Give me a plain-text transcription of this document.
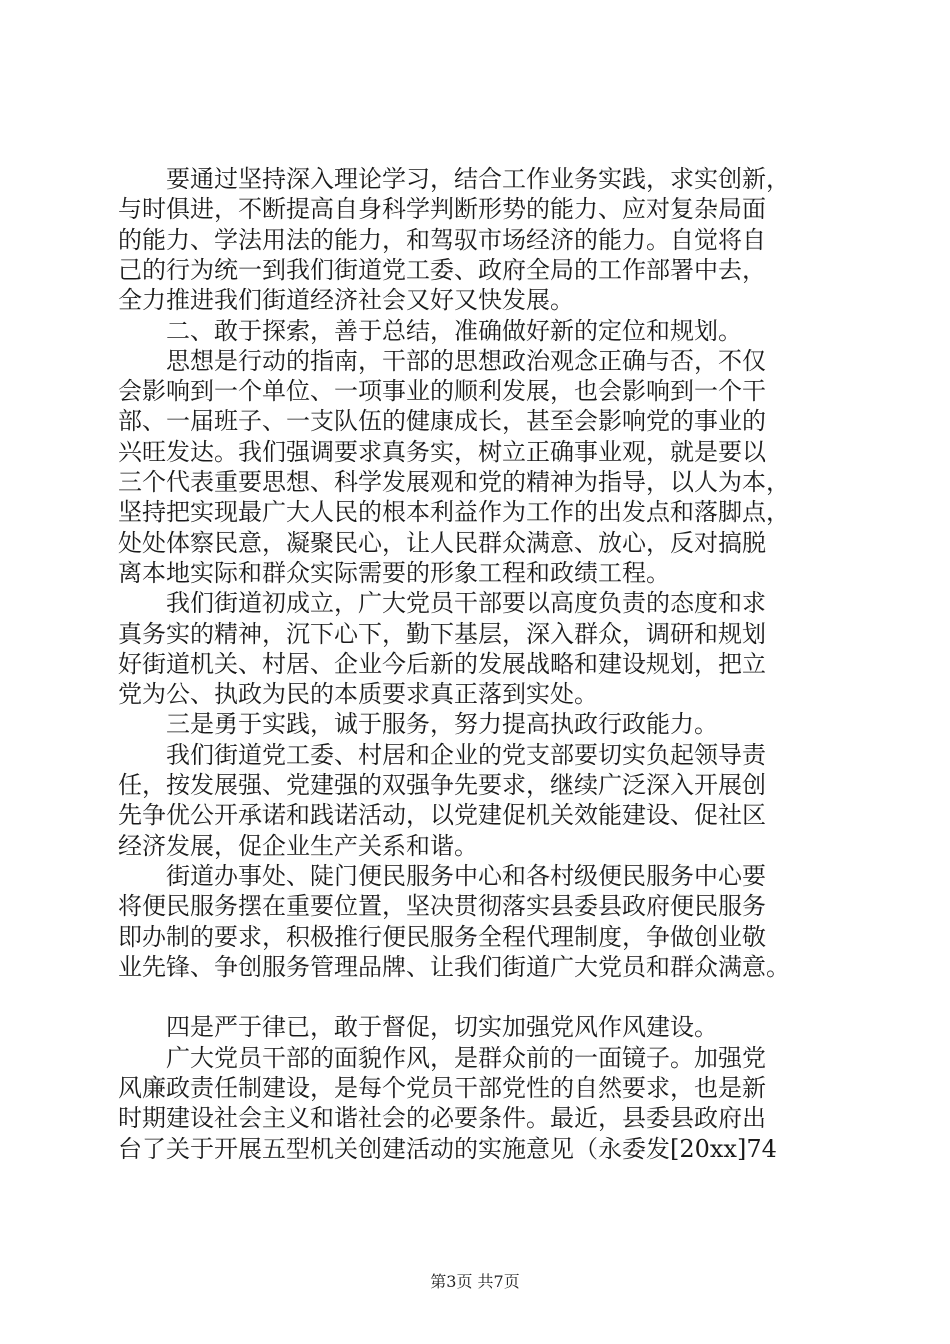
　　要通过坚持深入理论学习，结合工作业务实践，求实创新，
与时俱进，不断提高自身科学判断形势的能力、应对复杂局面
的能力、学法用法的能力，和驾驭市场经济的能力。自觉将自
己的行为统一到我们街道党工委、政府全局的工作部署中去，
全力推进我们街道经济社会又好又快发展。
　　二、敢于探索，善于总结，准确做好新的定位和规划。
　　思想是行动的指南，干部的思想政治观念正确与否，不仅
会影响到一个单位、一项事业的顺利发展，也会影响到一个干
部、一届班子、一支队伍的健康成长，甚至会影响党的事业的
兴旺发达。我们强调要求真务实，树立正确事业观，就是要以
三个代表重要思想、科学发展观和党的精神为指导，以人为本，
坚持把实现最广大人民的根本利益作为工作的出发点和落脚点，
处处体察民意，凝聚民心，让人民群众满意、放心，反对搞脱
离本地实际和群众实际需要的形象工程和政绩工程。
　　我们街道初成立，广大党员干部要以高度负责的态度和求
真务实的精神，沉下心下，勤下基层，深入群众，调研和规划
好街道机关、村居、企业今后新的发展战略和建设规划，把立
党为公、执政为民的本质要求真正落到实处。
　　三是勇于实践，诚于服务，努力提高执政行政能力。
　　我们街道党工委、村居和企业的党支部要切实负起领导责
任，按发展强、党建强的双强争先要求，继续广泛深入开展创
先争优公开承诺和践诺活动，以党建促机关效能建设、促社区
经济发展，促企业生产关系和谐。
　　街道办事处、陡门便民服务中心和各村级便民服务中心要
将便民服务摆在重要位置，坚决贯彻落实县委县政府便民服务
即办制的要求，积极推行便民服务全程代理制度，争做创业敬
业先锋、争创服务管理品牌、让我们街道广大党员和群众满意。
　　四是严于律已，敢于督促，切实加强党风作风建设。
　　广大党员干部的面貌作风，是群众前的一面镜子。加强党
风廉政责任制建设，是每个党员干部党性的自然要求，也是新
时期建设社会主义和谐社会的必要条件。最近，县委县政府出
台了关于开展五型机关创建活动的实施意见（永委发[20xx]74
第3页 共7页
